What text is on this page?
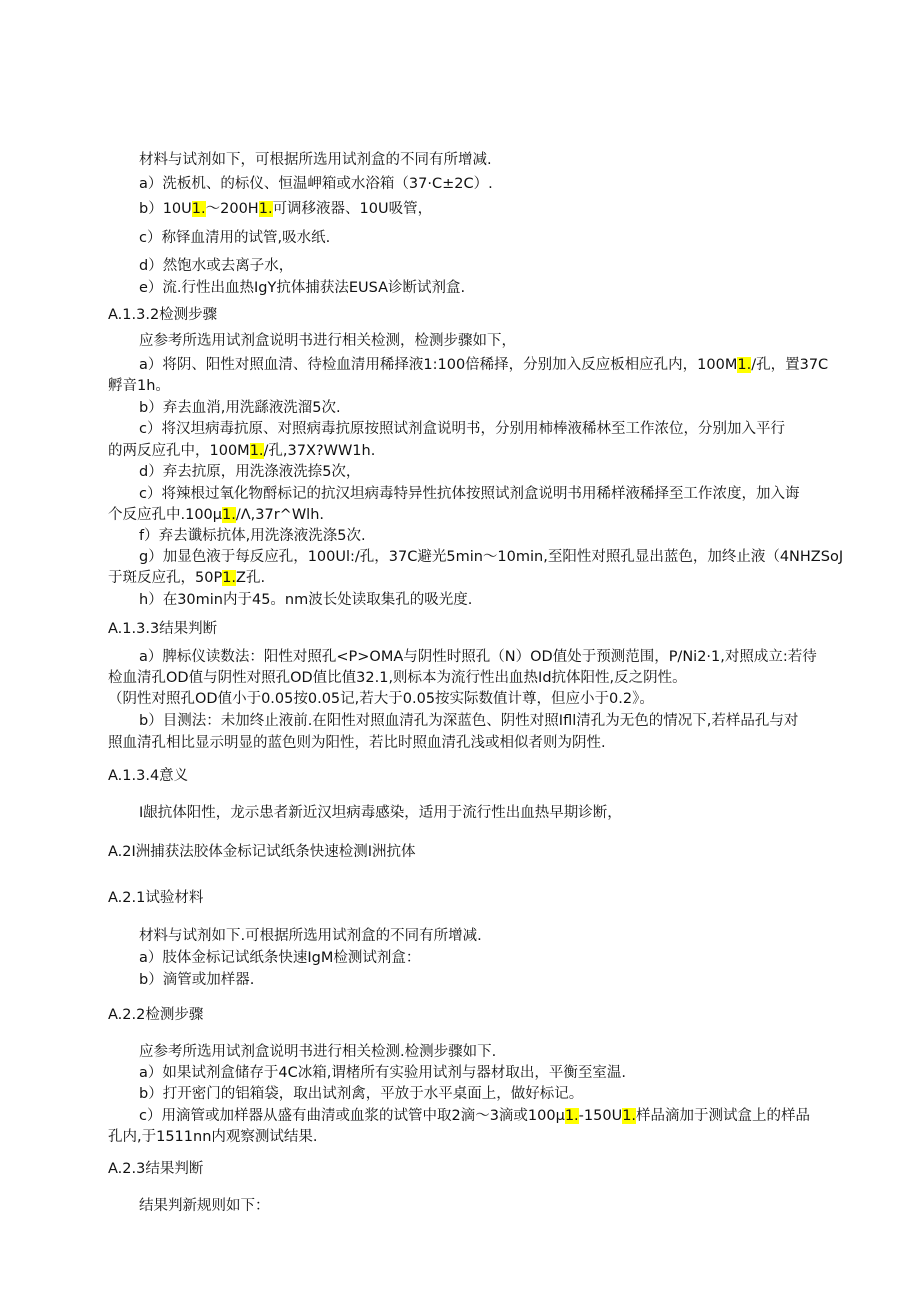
材料与试剂如下，可根据所选用试剂盒的不同有所增减.
a）洗板机、的标仪、恒温岬箱或水浴箱（37·C±2C）.
b）10U1.～200H1.可调移液器、10U吸管，
c）称铎血清用的试管,吸水纸.
d）然饱水或去离子水，
e）流.行性出血热IgY抗体捕获法EUSA诊断试剂盒.
A.1.3.2检测步骤
应参考所选用试剂盒说明书进行相关检测，检测步骤如下，
a）将阴、阳性对照血清、待检血清用稀择液1:100倍稀择，分别加入反应板相应孔内，100M1./孔，置37C
孵音1h。
b）弃去血消,用洗繇液洗溜5次.
c）将汉坦病毒抗原、对照病毒抗原按照试剂盒说明书，分别用柿棒液稀林至工作浓位，分别加入平行
的两反应孔中，100M1./孔,37X?WW1h.
d）弃去抗原，用洗涤液洗捺5次，
c）将辣根过氧化物酹标记的抗汉坦病毒特异性抗体按照试剂盒说明书用稀样液稀择至工作浓度，加入诲
个反应孔中.100μ1./Λ,37r^Wlh.
f）弃去谶标抗体,用洗涤液洗涤5次.
g）加显色液于每反应孔，100Ul:/孔，37C避光5min～10min,至阳性对照孔显出蓝色，加终止液（4NHZSoJ
于斑反应孔，50P1.Z孔.
h）在30min内于45。nm波长处读取集孔的吸光度.
A.1.3.3结果判断
a）脾标仪读数法：阳性对照孔<P>OMA与阴性时照孔（N）OD值处于预测范围，P/Ni2·1,对照成立:若待
检血清孔OD值与阴性对照孔OD值比值32.1,则标本为流行性出血热Id抗体阳性,反之阴性。
（阴性对照孔OD值小于0.05按0.05记,若大于0.05按实际数值计尊，但应小于0.2》。
b）目测法：未加终止液前.在阳性对照血清孔为深蓝色、阴性对照Ifll清孔为无色的情况下,若样品孔与对
照血清孔相比显示明显的蓝色则为阳性，若比时照血清孔浅或相似者则为阴性.
A.1.3.4意义
I龈抗体阳性，龙示患者新近汉坦病毒感染，适用于流行性出血热早期诊断，
A.2I洲捕获法胶体金标记试纸条快速检测I洲抗体
A.2.1试验材料
材料与试剂如下.可根据所选用试剂盒的不同有所增减.
a）肢体金标记试纸条快速IgM检测试剂盒：
b）滴管或加样器.
A.2.2检测步骤
应参考所选用试剂盒说明书进行相关检测.检测步骤如下.
a）如果试剂盒储存于4C冰箱,谓楮所有实验用试剂与器材取出，平衡至室温.
b）打开密门的铝箱袋，取出试剂禽，平放于水平桌面上，做好标记。
c）用滴管或加样器从盛有曲清或血浆的试管中取2滴～3滴或100μ1.-150U1.样品滴加于测试盒上的样品
孔内,于1511nn内观察测试结果.
A.2.3结果判断
结果判新规则如下：
